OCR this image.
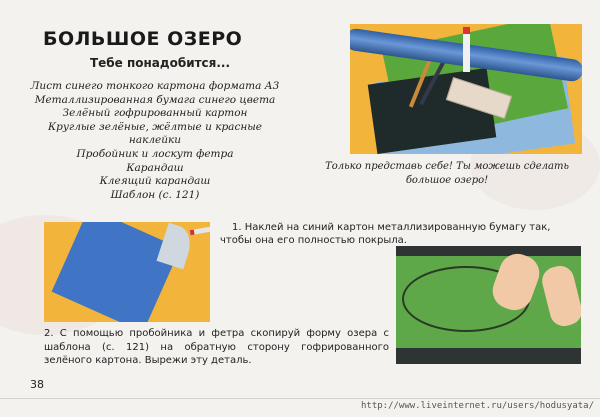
БОЛЬШОЕ ОЗЕРО
Тебе понадобится...
Лист синего тонкого картона формата А3
Металлизированная бумага синего цвета
Зелёный гофрированный картон
Круглые зелёные, жёлтые и красные
наклейки
Пробойник и лоскут фетра
Карандаш
Клеящий карандаш
Шаблон (с. 121)
Только представь себе! Ты можешь сделать большое озеро!

1. Наклей на синий картон металлизированную бумагу так, чтобы она его полностью покрыла.

2. С помощью пробойника и фетра скопируй форму озера с шаблона (с. 121) на обратную сторону гофрированного зелёного картона. Вырежи эту деталь.

38
http://www.liveinternet.ru/users/hodusyata/
